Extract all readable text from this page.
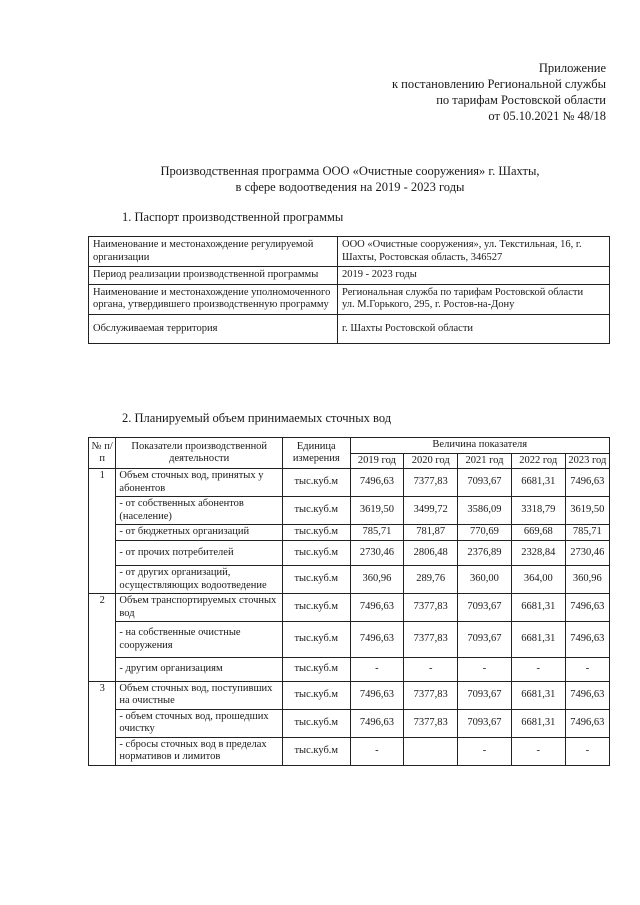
Приложение
к постановлению Региональной службы
по тарифам Ростовской области
от 05.10.2021 № 48/18
Производственная программа ООО «Очистные сооружения» г. Шахты,
в сфере водоотведения на 2019 - 2023 годы
1. Паспорт производственной программы
Наименование и местонахождение регулируемой организации	ООО «Очистные сооружения», ул. Текстильная, 16, г. Шахты, Ростовская область, 346527
Период реализации производственной программы	2019 - 2023 годы
Наименование и местонахождение уполномоченного органа, утвердившего производственную программу	Региональная служба по тарифам Ростовской области
ул. М.Горького, 295, г. Ростов-на-Дону
Обслуживаемая территория	г. Шахты Ростовской области
2. Планируемый объем принимаемых сточных вод
№ п/п	Показатели производственной деятельности	Единица измерения	Величина показателя				
			2019 год	2020 год	2021 год	2022 год	2023 год
1	Объем сточных вод, принятых у абонентов	тыс.куб.м	7496,63	7377,83	7093,67	6681,31	7496,63
	- от собственных абонентов (население)	тыс.куб.м	3619,50	3499,72	3586,09	3318,79	3619,50
	- от бюджетных организаций	тыс.куб.м	785,71	781,87	770,69	669,68	785,71
	- от прочих потребителей	тыс.куб.м	2730,46	2806,48	2376,89	2328,84	2730,46
	- от других организаций, осуществляющих водоотведение	тыс.куб.м	360,96	289,76	360,00	364,00	360,96
2	Объем транспортируемых сточных вод	тыс.куб.м	7496,63	7377,83	7093,67	6681,31	7496,63
	- на собственные очистные сооружения	тыс.куб.м	7496,63	7377,83	7093,67	6681,31	7496,63
	- другим организациям	тыс.куб.м	-	-	-	-	-
3	Объем сточных вод, поступивших на очистные	тыс.куб.м	7496,63	7377,83	7093,67	6681,31	7496,63
	- объем сточных вод, прошедших очистку	тыс.куб.м	7496,63	7377,83	7093,67	6681,31	7496,63
	- сбросы сточных вод в пределах нормативов и лимитов	тыс.куб.м	-		-	-	-
